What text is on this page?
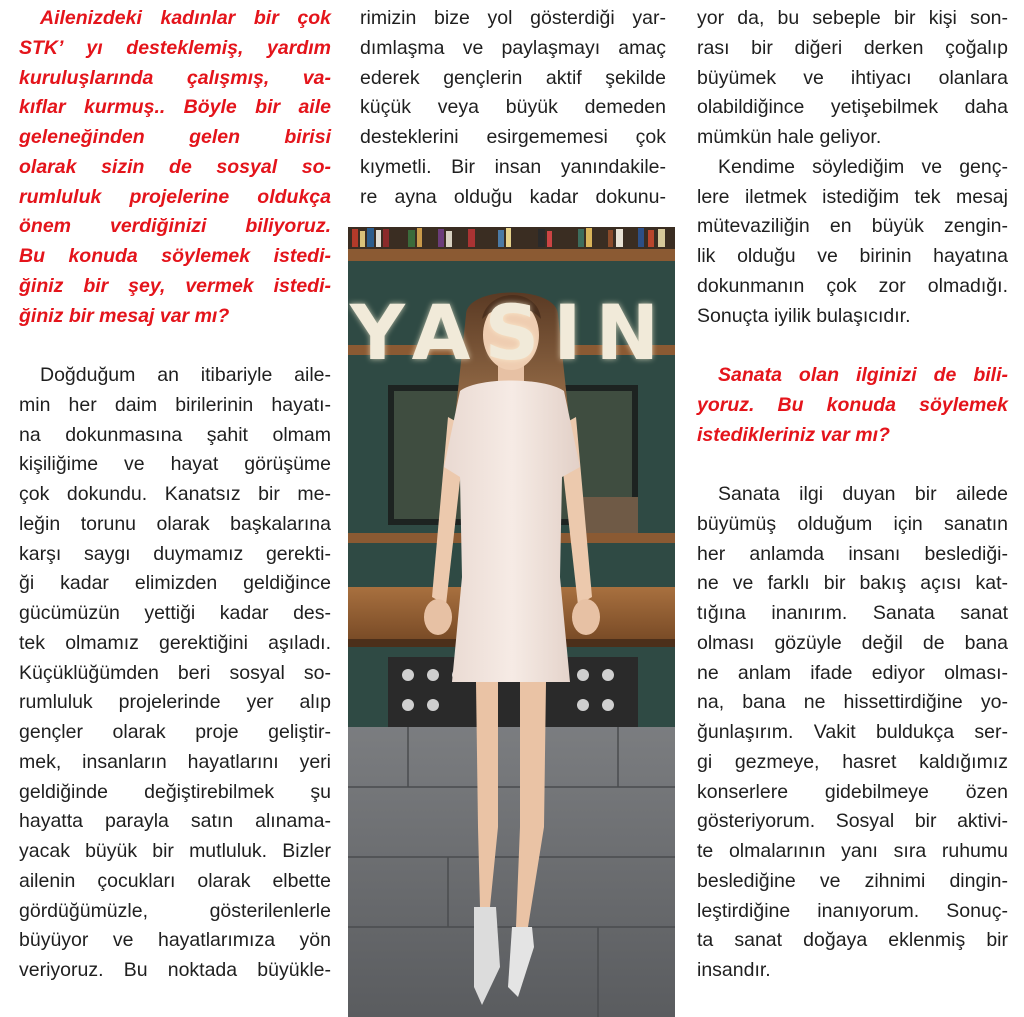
Ailenizdeki kadınlar bir çok
STK’ yı desteklemiş, yardım
kuruluşlarında çalışmış, va-
kıflar kurmuş.. Böyle bir aile
geleneğinden gelen birisi
olarak sizin de sosyal so-
rumluluk projelerine oldukça
önem verdiğinizi biliyoruz.
Bu konuda söylemek istedi-
ğiniz bir şey, vermek istedi-
ğiniz bir mesaj var mı?
Doğduğum an itibariyle aile-
min her daim birilerinin hayatı-
na dokunmasına şahit olmam
kişiliğime ve hayat görüşüme
çok dokundu. Kanatsız bir me-
leğin torunu olarak başkalarına
karşı saygı duymamız gerekti-
ği kadar elimizden geldiğince
gücümüzün yettiği kadar des-
tek olmamız gerektiğini aşıladı.
Küçüklüğümden beri sosyal so-
rumluluk projelerinde yer alıp
gençler olarak proje geliştir-
mek, insanların hayatlarını yeri
geldiğinde değiştirebilmek şu
hayatta parayla satın alınama-
yacak büyük bir mutluluk. Bizler
ailenin çocukları olarak elbette
gördüğümüzle, gösterilenlerle
büyüyor ve hayatlarımıza yön
veriyoruz. Bu noktada büyükle-
rimizin bize yol gösterdiği yar-
dımlaşma ve paylaşmayı amaç
ederek gençlerin aktif şekilde
küçük veya büyük demeden
desteklerini esirgememesi çok
kıymetli. Bir insan yanındakile-
re ayna olduğu kadar dokunu-
yor da, bu sebeple bir kişi son-
rası bir diğeri derken çoğalıp
büyümek ve ihtiyacı olanlara
olabildiğince yetişebilmek daha
mümkün hale geliyor.
Kendime söylediğim ve genç-
lere iletmek istediğim tek mesaj
mütevaziliğin en büyük zengin-
lik olduğu ve birinin hayatına
dokunmanın çok zor olmadığı.
Sonuçta iyilik bulaşıcıdır.
Sanata olan ilginizi de bili-
yoruz. Bu konuda söylemek
istedikleriniz var mı?
Sanata ilgi duyan bir ailede
büyümüş olduğum için sanatın
her anlamda insanı beslediği-
ne ve farklı bir bakış açısı kat-
tığına inanırım. Sanata sanat
olması gözüyle değil de bana
ne anlam ifade ediyor olması-
na, bana ne hissettirdiğine yo-
ğunlaşırım. Vakit buldukça ser-
gi gezmeye, hasret kaldığımız
konserlere gidebilmeye özen
gösteriyorum. Sosyal bir aktivi-
te olmalarının yanı sıra ruhumu
beslediğine ve zihnimi dingin-
leştirdiğine inanıyorum. Sonuç-
ta sanat doğaya eklenmiş bir
insandır.
YASIN
